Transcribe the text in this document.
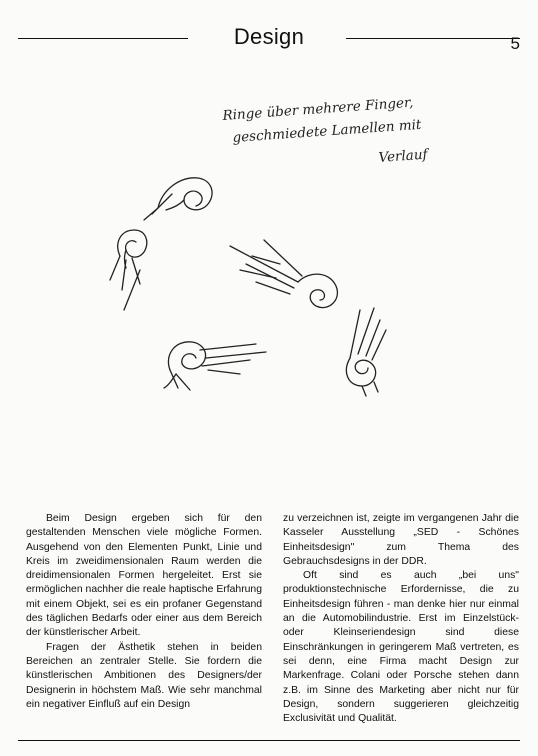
Design	5
Ringe über mehrere Finger,
geschmiedete Lamellen mit
Verlauf

Beim Design ergeben sich für den gestaltenden Menschen viele mögliche Formen. Ausgehend von den Elementen Punkt, Linie und Kreis im zweidimensionalen Raum werden die dreidimensionalen Formen hergeleitet. Erst sie ermöglichen nachher die reale haptische Erfahrung mit einem Objekt, sei es ein profaner Gegenstand des täglichen Bedarfs oder einer aus dem Bereich der künstlerischer Arbeit.

Fragen der Ästhetik stehen in beiden Bereichen an zentraler Stelle. Sie fordern die künstlerischen Ambitionen des Designers/der Designerin in höchstem Maß. Wie sehr manchmal ein negativer Einfluß auf ein Design

zu verzeichnen ist, zeigte im vergangenen Jahr die Kasseler Ausstellung „SED - Schönes Einheitsdesign" zum Thema des Gebrauchsdesigns in der DDR.

Oft sind es auch „bei uns" produktionstechnische Erfordernisse, die zu Einheitsdesign führen - man denke hier nur einmal an die Automobilindustrie. Erst im Einzelstück- oder Kleinseriendesign sind diese Einschränkungen in geringerem Maß vertreten, es sei denn, eine Firma macht Design zur Markenfrage. Colani oder Porsche stehen dann z.B. im Sinne des Marketing aber nicht nur für Design, sondern suggerieren gleichzeitig Exclusivität und Qualität.
